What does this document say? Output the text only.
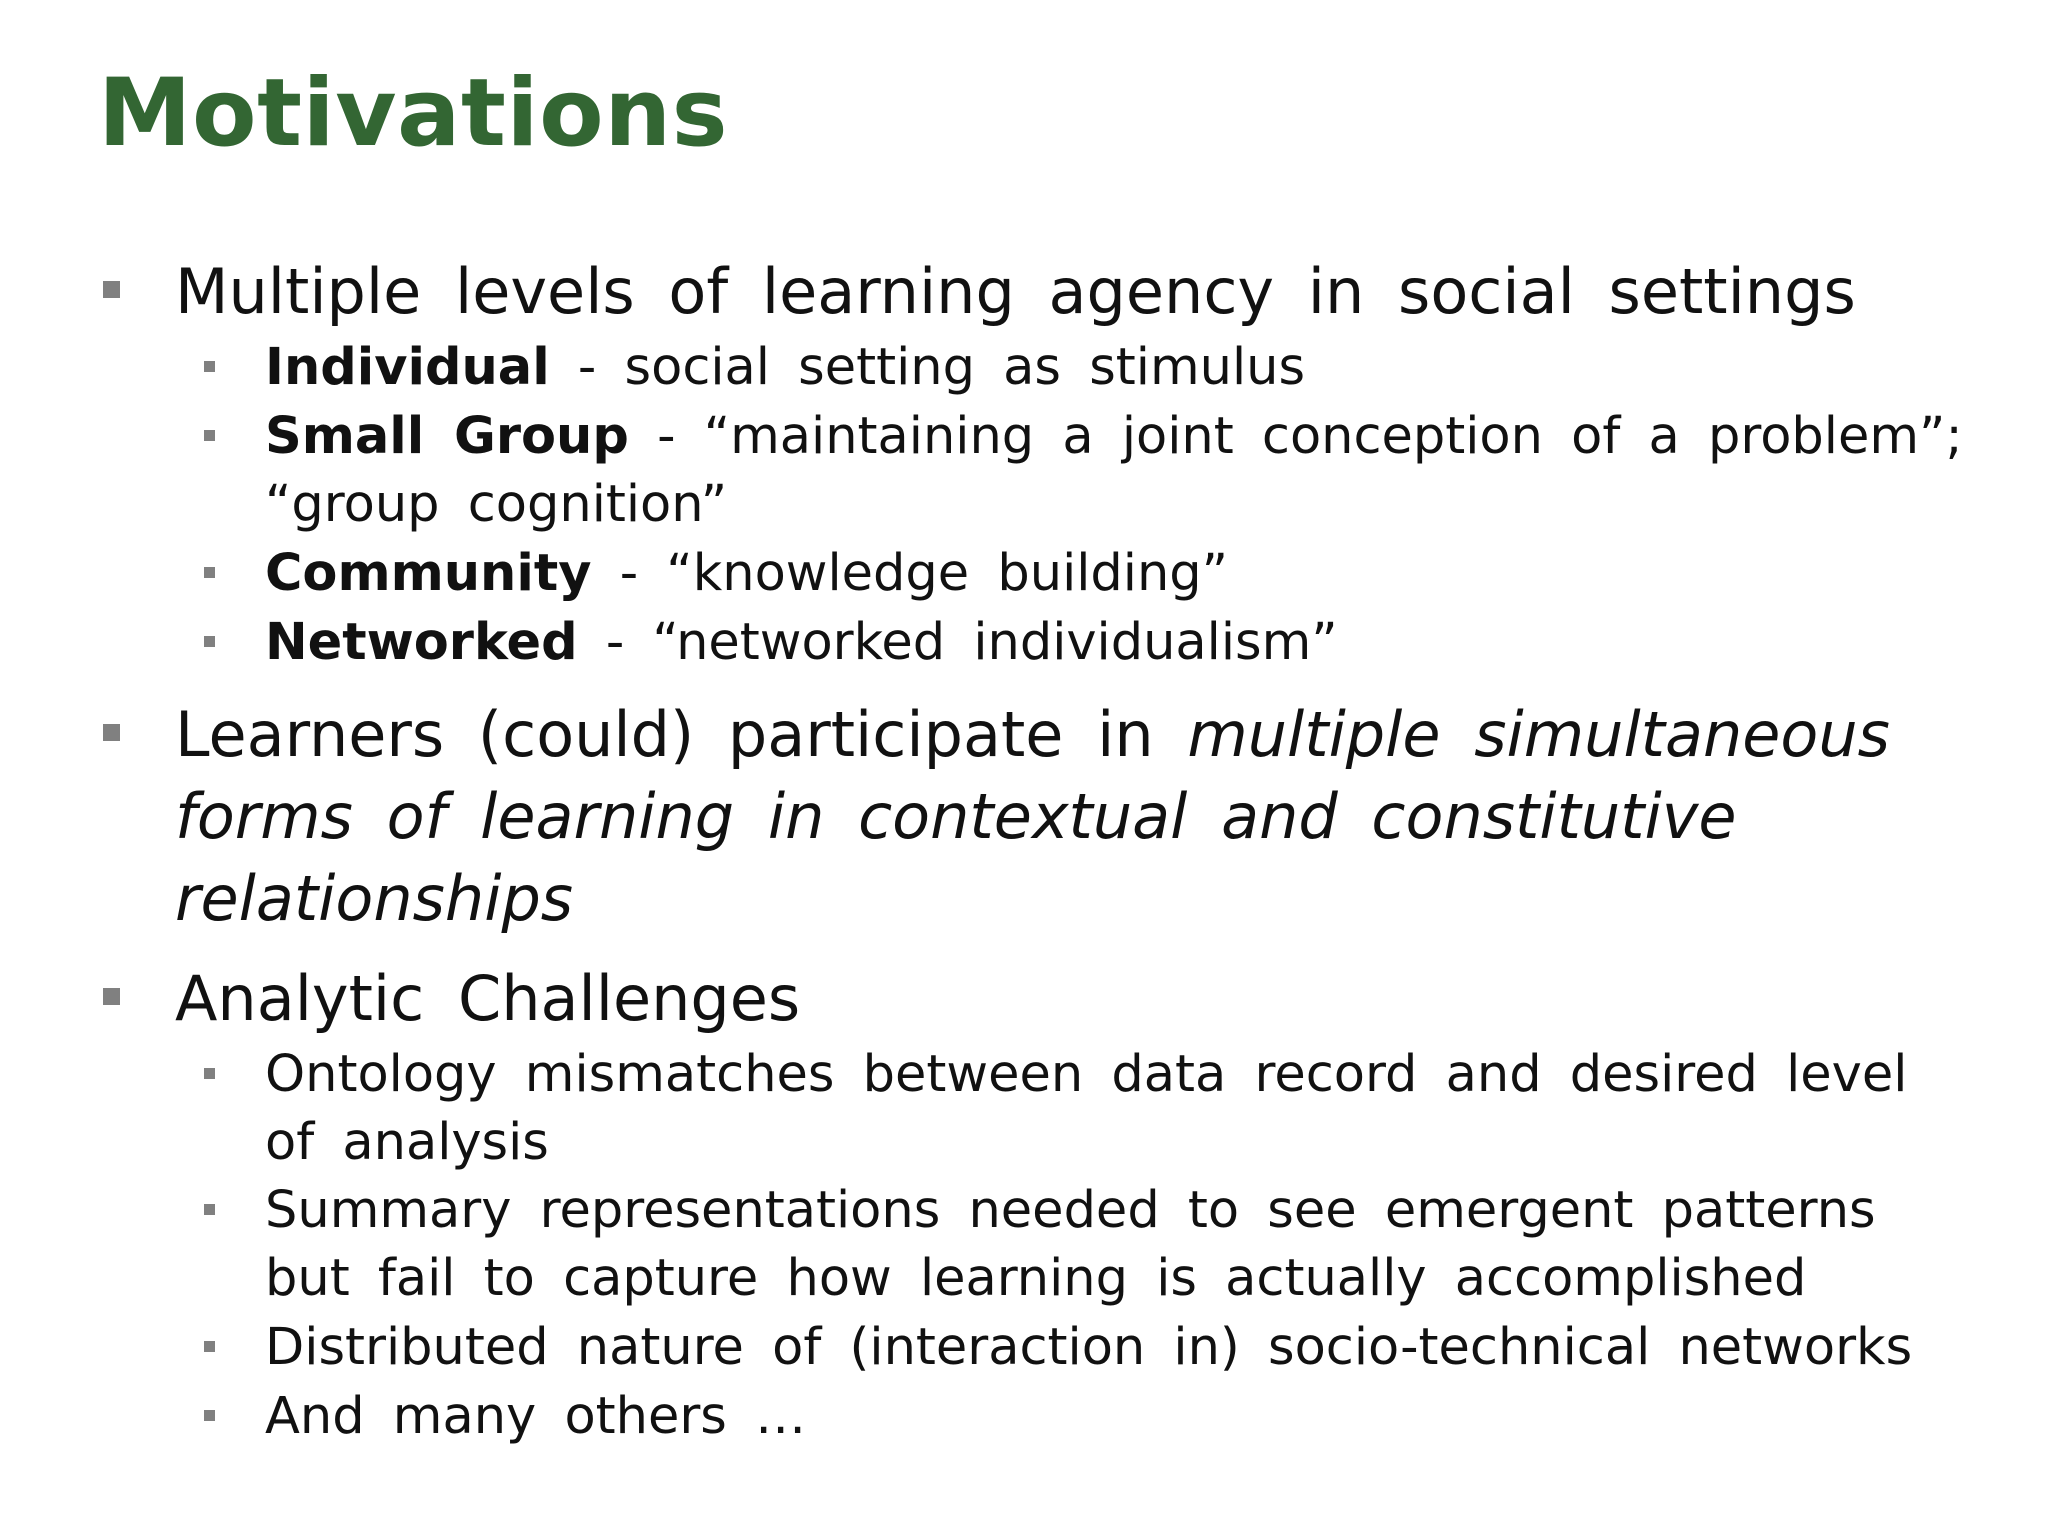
Motivations

Multiple levels of learning agency in social settings

Individual - social setting as stimulus

Small Group - “maintaining a joint conception of a problem”;

“group cognition”

Community - “knowledge building”

Networked - “networked individualism”

Learners (could) participate in multiple simultaneous

forms of learning in contextual and constitutive

relationships

Analytic Challenges

Ontology mismatches between data record and desired level

of analysis

Summary representations needed to see emergent patterns

but fail to capture how learning is actually accomplished

Distributed nature of (interaction in) socio-technical networks

And many others …
